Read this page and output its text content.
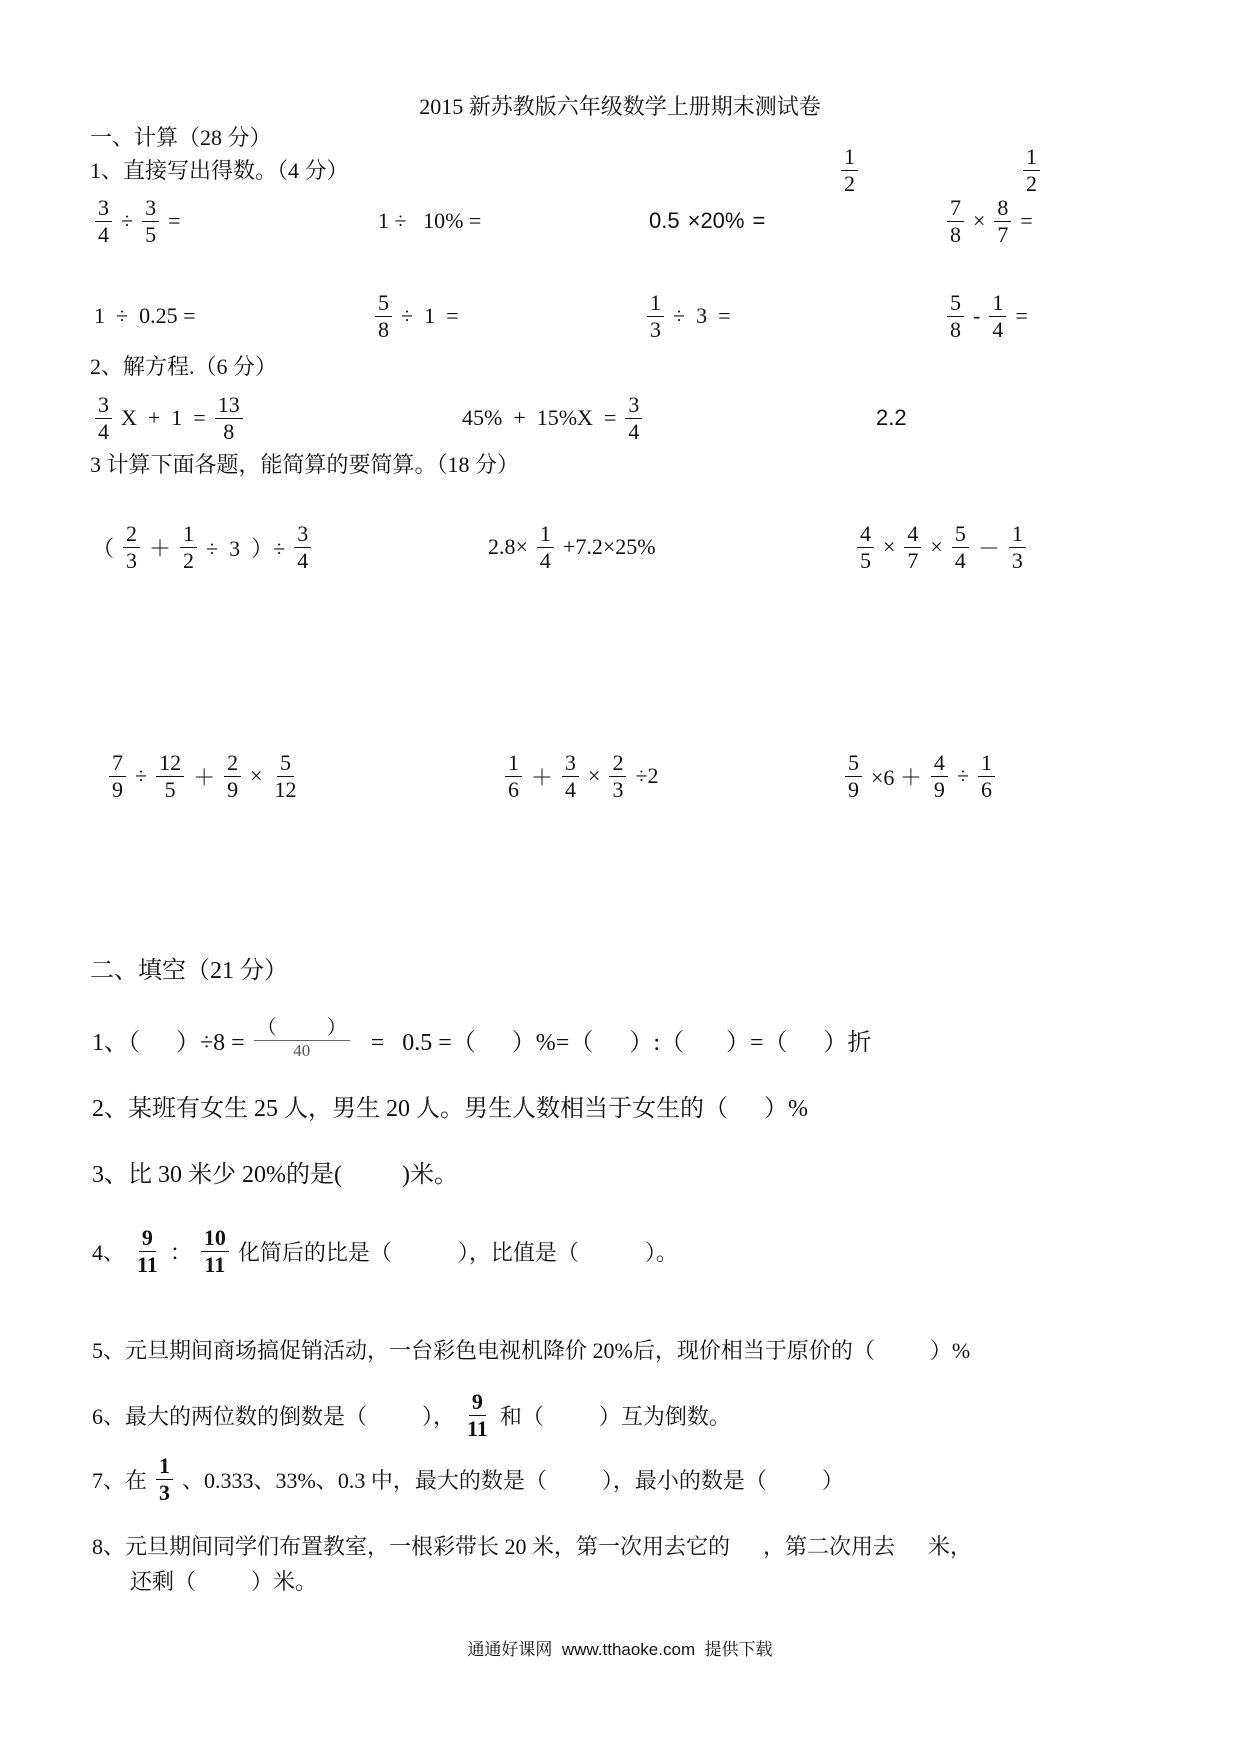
2015 新苏教版六年级数学上册期末测试卷
一、计算（28 分）
1、直接写出得数。（4 分）	$\frac{1}{2}$	$\frac{1}{2}$
$\frac{3}{4} \div \frac{3}{5}$ =	1 ÷   10% =	0.5 ×20% =	$\frac{7}{8} \times \frac{8}{7}$ =
1  ÷  0.25 =	$\frac{5}{8} \div 1$  =	$\frac{1}{3} \div 3$  =	$\frac{5}{8} - \frac{1}{4}$ =
2、解方程.（6 分）
$\frac{3}{4}$ $X + 1 = \frac{13}{8}$	$45\% + 15\%X = \frac{3}{4}$	2.2
3 计算下面各题，能简算的要简算。（18 分）
（ $\frac{2}{3} + \frac{1}{2} \div 3$  ）÷ $\frac{3}{4}$	$2.8\times \frac{1}{4} +7.2\times 25\%$	$\frac{4}{5} \times \frac{4}{7} \times \frac{5}{4} - \frac{1}{3}$
$\frac{7}{9} \div \frac{12}{5} + \frac{2}{9} \times \frac{5}{12}$	$\frac{1}{6} + \frac{3}{4} \times \frac{2}{3} \div 2$	$\frac{5}{9} \times 6 + \frac{4}{9} \div \frac{1}{6}$
二、填空（21 分）
1、（      ）$\div 8 = \frac{( )}{40} = 0.5$ =（      ）%=（      ）:（       ）=（      ）折
2、某班有女生 25 人，男生 20 人。男生人数相当于女生的（      ）%
3、比 30 米少 20%的是(          )米。
4、 $\frac{9}{11}$ ： $\frac{10}{11}$ 化简后的比是（            ），比值是（            ）。
5、元旦期间商场搞促销活动，一台彩色电视机降价 20%后，现价相当于原价的（          ）%
6、最大的两位数的倒数是（          ）， $\frac{9}{11}$ 和（          ）互为倒数。
7、在 $\frac{1}{3}$ 、0.333、33%、0.3 中，最大的数是（          ），最小的数是（          ）
8、元旦期间同学们布置教室，一根彩带长 20 米，第一次用去它的      ，第二次用去      米，
还剩（          ）米。
通通好课网  www.tthaoke.com  提供下载
